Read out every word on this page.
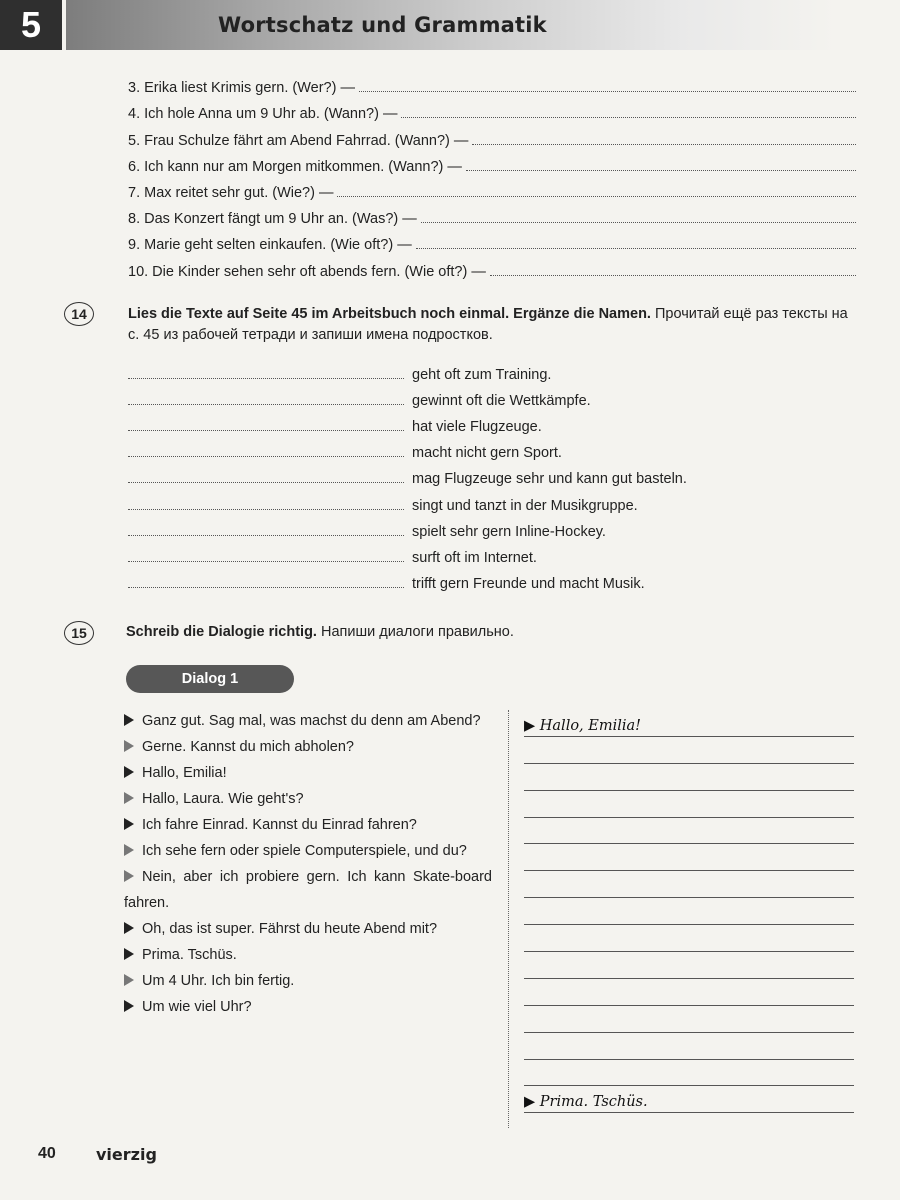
5	Wortschatz und Grammatik
3. Erika liest Krimis gern. (Wer?) —
4. Ich hole Anna um 9 Uhr ab. (Wann?) —
5. Frau Schulze fährt am Abend Fahrrad. (Wann?) —
6. Ich kann nur am Morgen mitkommen. (Wann?) —
7. Max reitet sehr gut. (Wie?) —
8. Das Konzert fängt um 9 Uhr an. (Was?) —
9. Marie geht selten einkaufen. (Wie oft?) —
10. Die Kinder sehen sehr oft abends fern. (Wie oft?) —
14	Lies die Texte auf Seite 45 im Arbeitsbuch noch einmal. Ergänze die Namen. Прочитай ещё раз тексты на с. 45 из рабочей тетради и запиши имена подростков.
geht oft zum Training.
gewinnt oft die Wettkämpfe.
hat viele Flugzeuge.
macht nicht gern Sport.
mag Flugzeuge sehr und kann gut basteln.
singt und tanzt in der Musikgruppe.
spielt sehr gern Inline-Hockey.
surft oft im Internet.
trifft gern Freunde und macht Musik.
15	Schreib die Dialogie richtig. Напиши диалоги правильно.
Dialog 1
Ganz gut. Sag mal, was machst du denn am Abend?
Gerne. Kannst du mich abholen?
Hallo, Emilia!
Hallo, Laura. Wie geht's?
Ich fahre Einrad. Kannst du Einrad fahren?
Ich sehe fern oder spiele Computerspiele, und du?
Nein, aber ich probiere gern. Ich kann Skate-board fahren.
Oh, das ist super. Fährst du heute Abend mit?
Prima. Tschüs.
Um 4 Uhr. Ich bin fertig.
Um wie viel Uhr?
▶ Hallo, Emilia!
▶ Prima. Tschüs.
40	vierzig
